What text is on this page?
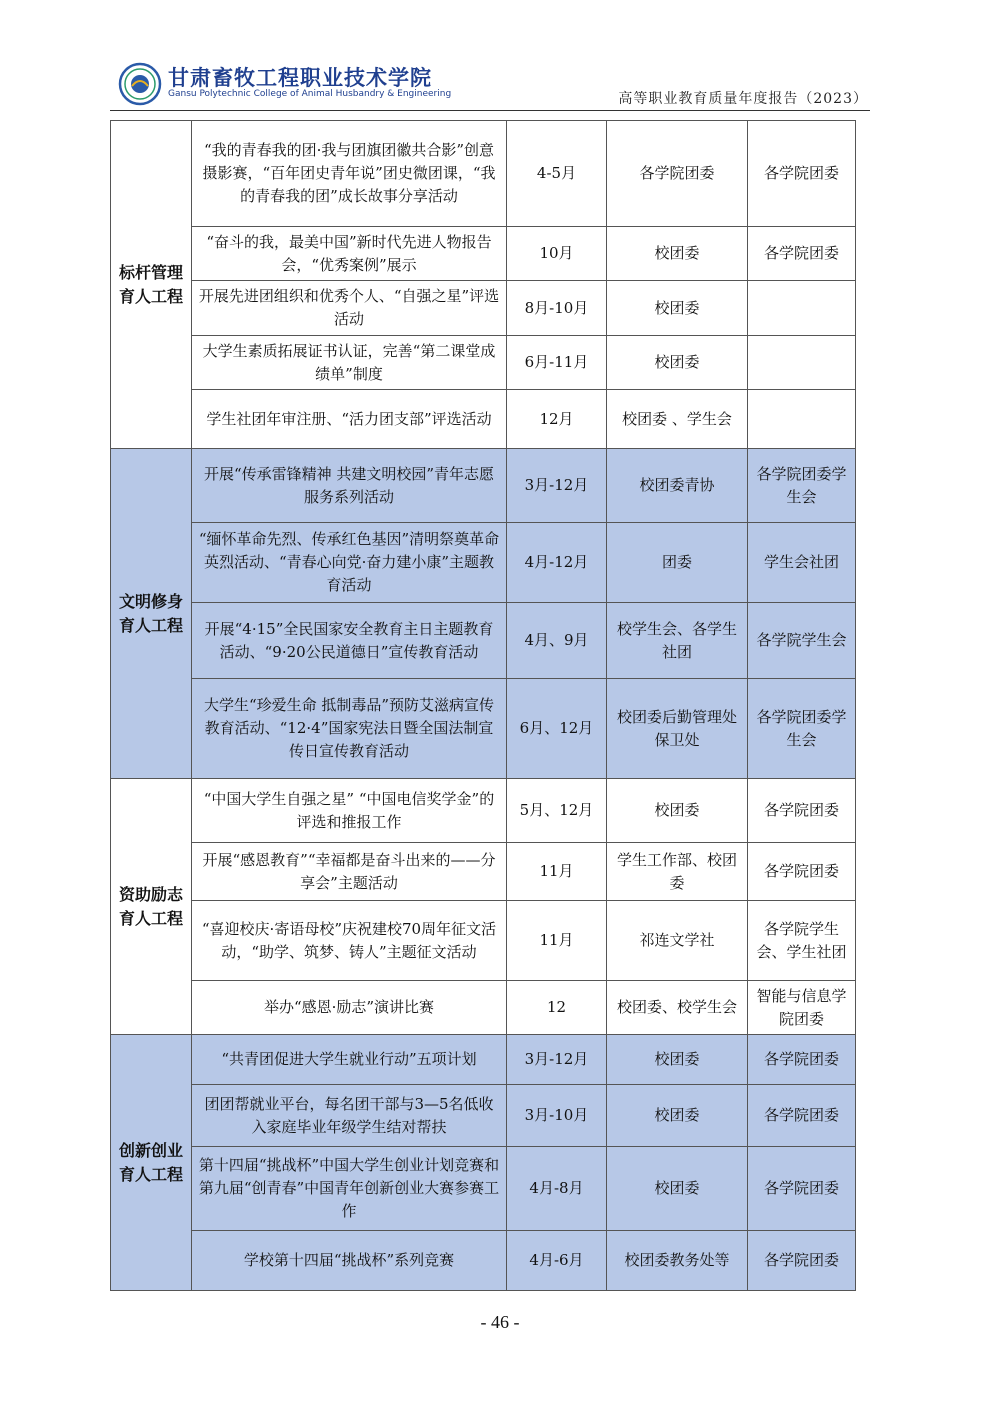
甘肃畜牧工程职业技术学院
Gansu Polytechnic College of Animal Husbandry & Engineering	高等职业教育质量年度报告（2023）
标杆管理育人工程	“我的青春我的团·我与团旗团徽共合影”创意摄影赛，“百年团史青年说”团史微团课，“我的青春我的团”成长故事分享活动	4-5月	各学院团委	各学院团委
	“奋斗的我，最美中国”新时代先进人物报告会，“优秀案例”展示	10月	校团委	各学院团委
	开展先进团组织和优秀个人、“自强之星”评选活动	8月-10月	校团委	
	大学生素质拓展证书认证，完善“第二课堂成绩单”制度	6月-11月	校团委	
	学生社团年审注册、“活力团支部”评选活动	12月	校团委 、学生会	
文明修身育人工程	开展“传承雷锋精神 共建文明校园”青年志愿服务系列活动	3月-12月	校团委青协	各学院团委学生会
	“缅怀革命先烈、传承红色基因”清明祭奠革命英烈活动、“青春心向党·奋力建小康”主题教育活动	4月-12月	团委	学生会社团
	开展“4·15”全民国家安全教育主日主题教育活动、“9·20公民道德日”宣传教育活动	4月、9月	校学生会、各学生社团	各学院学生会
	大学生“珍爱生命 抵制毒品”预防艾滋病宣传教育活动、“12·4”国家宪法日暨全国法制宣传日宣传教育活动	6月、12月	校团委后勤管理处保卫处	各学院团委学生会
资助励志育人工程	“中国大学生自强之星” “中国电信奖学金”的评选和推报工作	5月、12月	校团委	各学院团委
	开展“感恩教育”“幸福都是奋斗出来的——分享会”主题活动	11月	学生工作部、校团委	各学院团委
	“喜迎校庆·寄语母校”庆祝建校70周年征文活动，“助学、筑梦、铸人”主题征文活动	11月	祁连文学社	各学院学生会、学生社团
	举办“感恩·励志”演讲比赛	12	校团委、校学生会	智能与信息学院团委
创新创业育人工程	“共青团促进大学生就业行动”五项计划	3月-12月	校团委	各学院团委
	团团帮就业平台，每名团干部与3—5名低收入家庭毕业年级学生结对帮扶	3月-10月	校团委	各学院团委
	第十四届“挑战杯”中国大学生创业计划竞赛和第九届“创青春”中国青年创新创业大赛参赛工作	4月-8月	校团委	各学院团委
	学校第十四届“挑战杯”系列竞赛	4月-6月	校团委教务处等	各学院团委
- 46 -
